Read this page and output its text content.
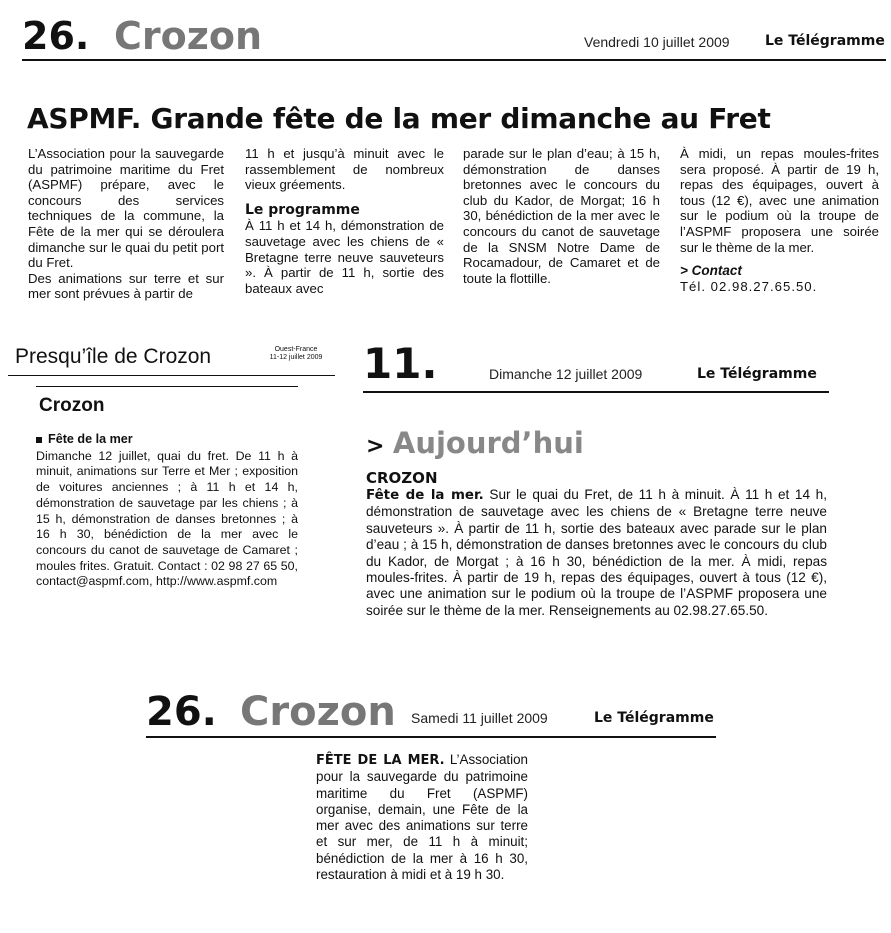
26. Crozon	Vendredi 10 juillet 2009	Le Télégramme
ASPMF. Grande fête de la mer dimanche au Fret

L’Association pour la sauvegarde du patrimoine maritime du Fret (ASPMF) prépare, avec le concours des services techniques de la commune, la Fête de la mer qui se déroulera dimanche sur le quai du petit port du Fret.

Des animations sur terre et sur mer sont prévues à partir de

11 h et jusqu’à minuit avec le rassemblement de nombreux vieux gréements.

Le programme

À 11 h et 14 h, démonstration de sauvetage avec les chiens de « Bretagne terre neuve sauveteurs ». À partir de 11 h, sortie des bateaux avec

parade sur le plan d’eau; à 15 h, démonstration de danses bretonnes avec le concours du club du Kador, de Morgat; 16 h 30, bénédiction de la mer avec le concours du canot de sauvetage de la SNSM Notre Dame de Rocamadour, de Camaret et de toute la flottille.

À midi, un repas moules-frites sera proposé. À partir de 19 h, repas des équipages, ouvert à tous (12 €), avec une animation sur le podium où la troupe de l’ASPMF proposera une soirée sur le thème de la mer.

> Contact

Tél. 02.98.27.65.50.

Presqu’île de Crozon	Ouest-France
11-12 juillet 2009
Crozon
Fête de la mer
Dimanche 12 juillet, quai du fret. De 11 h à minuit, animations sur Terre et Mer ; exposition de voitures anciennes ; à 11 h et 14 h, démonstration de sauvetage par les chiens ; à 15 h, démonstration de danses bretonnes ; à 16 h 30, bénédiction de la mer avec le concours du canot de sauvetage de Camaret ; moules frites. Gratuit. Contact : 02 98 27 65 50, contact@aspmf.com, http://www.aspmf.com
11.	Dimanche 12 juillet 2009	Le Télégramme
> Aujourd’hui
CROZON
Fête de la mer. Sur le quai du Fret, de 11 h à minuit. À 11 h et 14 h, démonstration de sauvetage avec les chiens de « Bretagne terre neuve sauveteurs ». À partir de 11 h, sortie des bateaux avec parade sur le plan d’eau ; à 15 h, démonstration de danses bretonnes avec le concours du club du Kador, de Morgat ; à 16 h 30, bénédiction de la mer. À midi, repas moules-frites. À partir de 19 h, repas des équipages, ouvert à tous (12 €), avec une animation sur le podium où la troupe de l’ASPMF proposera une soirée sur le thème de la mer. Renseignements au 02.98.27.65.50.
26. Crozon Samedi 11 juillet 2009	Le Télégramme
FÊTE DE LA MER. L’Association pour la sauvegarde du patrimoine maritime du Fret (ASPMF) organise, demain, une Fête de la mer avec des animations sur terre et sur mer, de 11 h à minuit; bénédiction de la mer à 16 h 30, restauration à midi et à 19 h 30.
